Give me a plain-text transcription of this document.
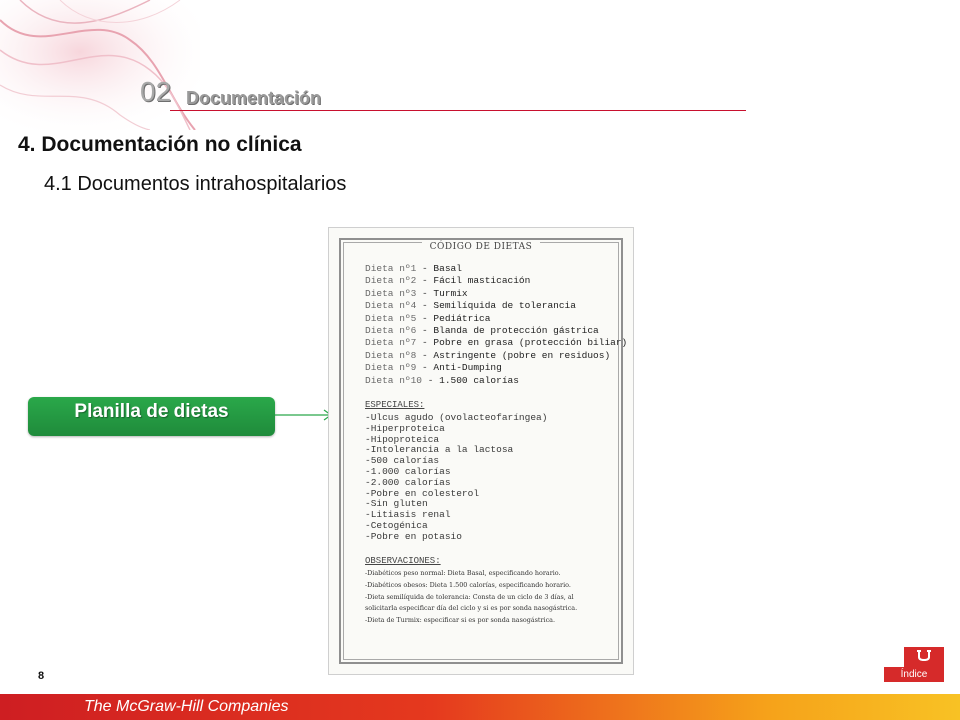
02 Documentación
4. Documentación no clínica
4.1 Documentos intrahospitalarios
Planilla de dietas
CÓDIGO DE DIETAS
Dieta nº1 - Basal
Dieta nº2 - Fácil masticación
Dieta nº3 - Turmix
Dieta nº4 - Semilíquida de tolerancia
Dieta nº5 - Pediátrica
Dieta nº6 - Blanda de protección gástrica
Dieta nº7 - Pobre en grasa (protección biliar)
Dieta nº8 - Astringente (pobre en residuos)
Dieta nº9 - Anti-Dumping
Dieta nº10 - 1.500 calorías
ESPECIALES:
-Ulcus agudo (ovolacteofaríngea)
-Hiperproteica
-Hipoproteica
-Intolerancia a la lactosa
-500 calorías
-1.000 calorías
-2.000 calorías
-Pobre en colesterol
-Sin gluten
-Litiasis renal
-Cetogénica
-Pobre en potasio
OBSERVACIONES:
-Diabéticos peso normal: Dieta Basal, especificando horario.
-Diabéticos obesos: Dieta 1.500 calorías, especificando horario.
-Dieta semilíquida de tolerancia: Consta de un ciclo de 3 días, al
solicitarla especificar día del ciclo y si es por sonda nasogástrica.
-Dieta de Turmix: especificar si es por sonda nasogástrica.
8	Índice
The McGraw-Hill Companies
